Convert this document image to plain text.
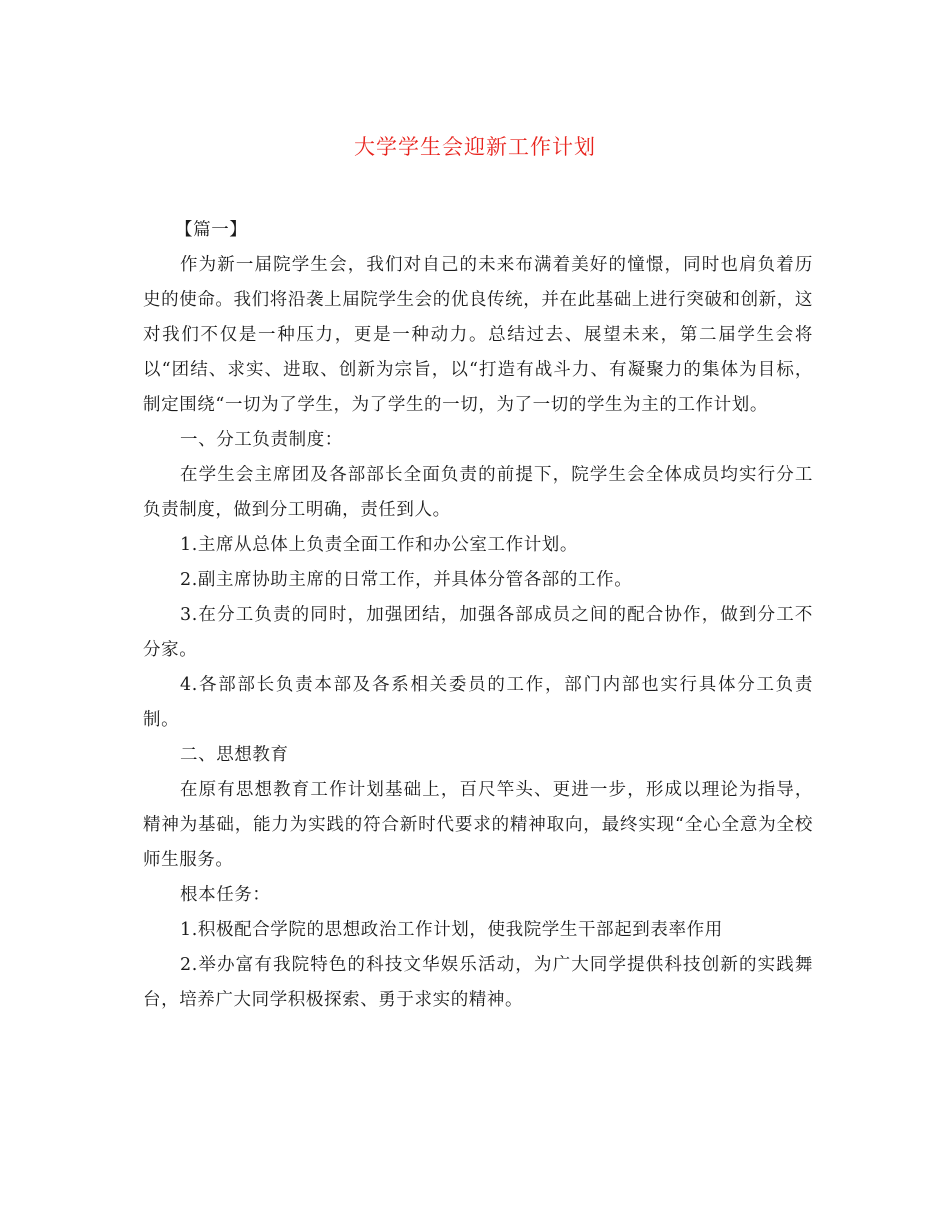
大学学生会迎新工作计划

【篇一】

作为新一届院学生会，我们对自己的未来布满着美好的憧憬，同时也肩负着历史的使命。我们将沿袭上届院学生会的优良传统，并在此基础上进行突破和创新，这对我们不仅是一种压力，更是一种动力。总结过去、展望未来，第二届学生会将以“团结、求实、进取、创新为宗旨，以“打造有战斗力、有凝聚力的集体为目标，制定围绕“一切为了学生，为了学生的一切，为了一切的学生为主的工作计划。

一、分工负责制度：

在学生会主席团及各部部长全面负责的前提下，院学生会全体成员均实行分工负责制度，做到分工明确，责任到人。

1.主席从总体上负责全面工作和办公室工作计划。

2.副主席协助主席的日常工作，并具体分管各部的工作。

3.在分工负责的同时，加强团结，加强各部成员之间的配合协作，做到分工不分家。

4.各部部长负责本部及各系相关委员的工作，部门内部也实行具体分工负责制。

二、思想教育

在原有思想教育工作计划基础上，百尺竿头、更进一步，形成以理论为指导，精神为基础，能力为实践的符合新时代要求的精神取向，最终实现“全心全意为全校师生服务。

根本任务：

1.积极配合学院的思想政治工作计划，使我院学生干部起到表率作用

2.举办富有我院特色的科技文华娱乐活动，为广大同学提供科技创新的实践舞台，培养广大同学积极探索、勇于求实的精神。
